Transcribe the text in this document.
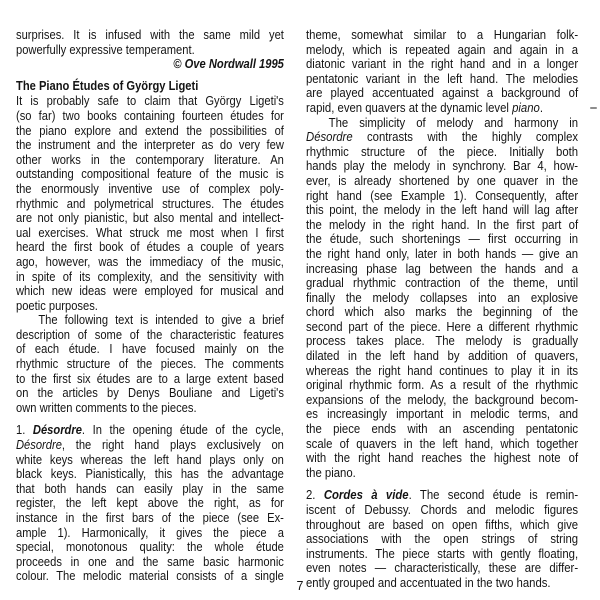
surprises. It is infused with the same mild yet
powerfully expressive temperament.
© Ove Nordwall 1995
The Piano Études of György Ligeti
It is probably safe to claim that György Ligeti's
(so far) two books containing fourteen études for
the piano explore and extend the possibilities of
the instrument and the interpreter as do very few
other works in the contemporary literature. An
outstanding compositional feature of the music is
the enormously inventive use of complex poly-
rhythmic and polymetrical structures. The études
are not only pianistic, but also mental and intellect-
ual exercises. What struck me most when I first
heard the first book of études a couple of years
ago, however, was the immediacy of the music,
in spite of its complexity, and the sensitivity with
which new ideas were employed for musical and
poetic purposes.
The following text is intended to give a brief
description of some of the characteristic features
of each étude. I have focused mainly on the
rhythmic structure of the pieces. The comments
to the first six études are to a large extent based
on the articles by Denys Bouliane and Ligeti's
own written comments to the pieces.
1. Désordre. In the opening étude of the cycle,
Désordre, the right hand plays exclusively on
white keys whereas the left hand plays only on
black keys. Pianistically, this has the advantage
that both hands can easily play in the same
register, the left kept above the right, as for
instance in the first bars of the piece (see Ex-
ample 1). Harmonically, it gives the piece a
special, monotonous quality: the whole étude
proceeds in one and the same basic harmonic
colour. The melodic material consists of a single
theme, somewhat similar to a Hungarian folk-
melody, which is repeated again and again in a
diatonic variant in the right hand and in a longer
pentatonic variant in the left hand. The melodies
are played accentuated against a background of
rapid, even quavers at the dynamic level piano.
The simplicity of melody and harmony in
Désordre contrasts with the highly complex
rhythmic structure of the piece. Initially both
hands play the melody in synchrony. Bar 4, how-
ever, is already shortened by one quaver in the
right hand (see Example 1). Consequently, after
this point, the melody in the left hand will lag after
the melody in the right hand. In the first part of
the étude, such shortenings — first occurring in
the right hand only, later in both hands — give an
increasing phase lag between the hands and a
gradual rhythmic contraction of the theme, until
finally the melody collapses into an explosive
chord which also marks the beginning of the
second part of the piece. Here a different rhythmic
process takes place. The melody is gradually
dilated in the left hand by addition of quavers,
whereas the right hand continues to play it in its
original rhythmic form. As a result of the rhythmic
expansions of the melody, the background becom-
es increasingly important in melodic terms, and
the piece ends with an ascending pentatonic
scale of quavers in the left hand, which together
with the right hand reaches the highest note of
the piano.
2. Cordes à vide. The second étude is remin-
iscent of Debussy. Chords and melodic figures
throughout are based on open fifths, which give
associations with the open strings of string
instruments. The piece starts with gently floating,
even notes — characteristically, these are differ-
ently grouped and accentuated in the two hands.
7
